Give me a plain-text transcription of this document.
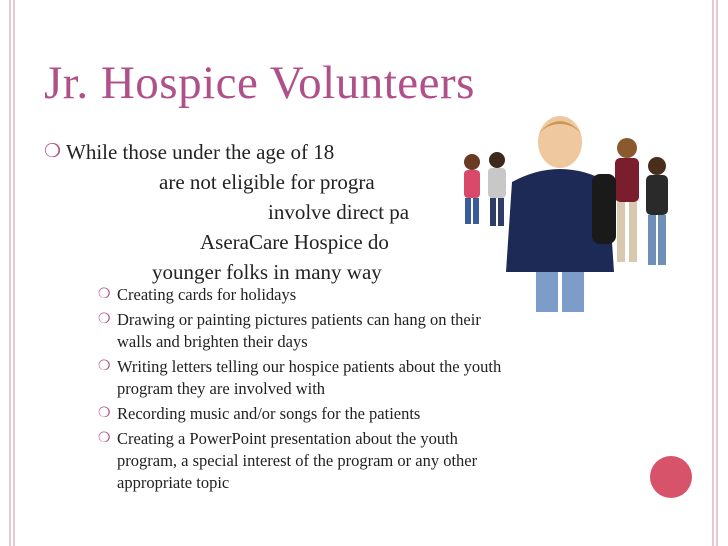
Jr. Hospice Volunteers
❍ While those under the age of 18
are not eligible for progra
involve direct pa
AseraCare Hospice do
younger folks in many way
❍ Creating cards for holidays
❍ Drawing or painting pictures patients can hang on their
walls and brighten their days
❍ Writing letters telling our hospice patients about the youth
program they are involved with
❍ Recording music and/or songs for the patients
❍ Creating a PowerPoint presentation about the youth
program, a special interest of the program or any other
appropriate topic
